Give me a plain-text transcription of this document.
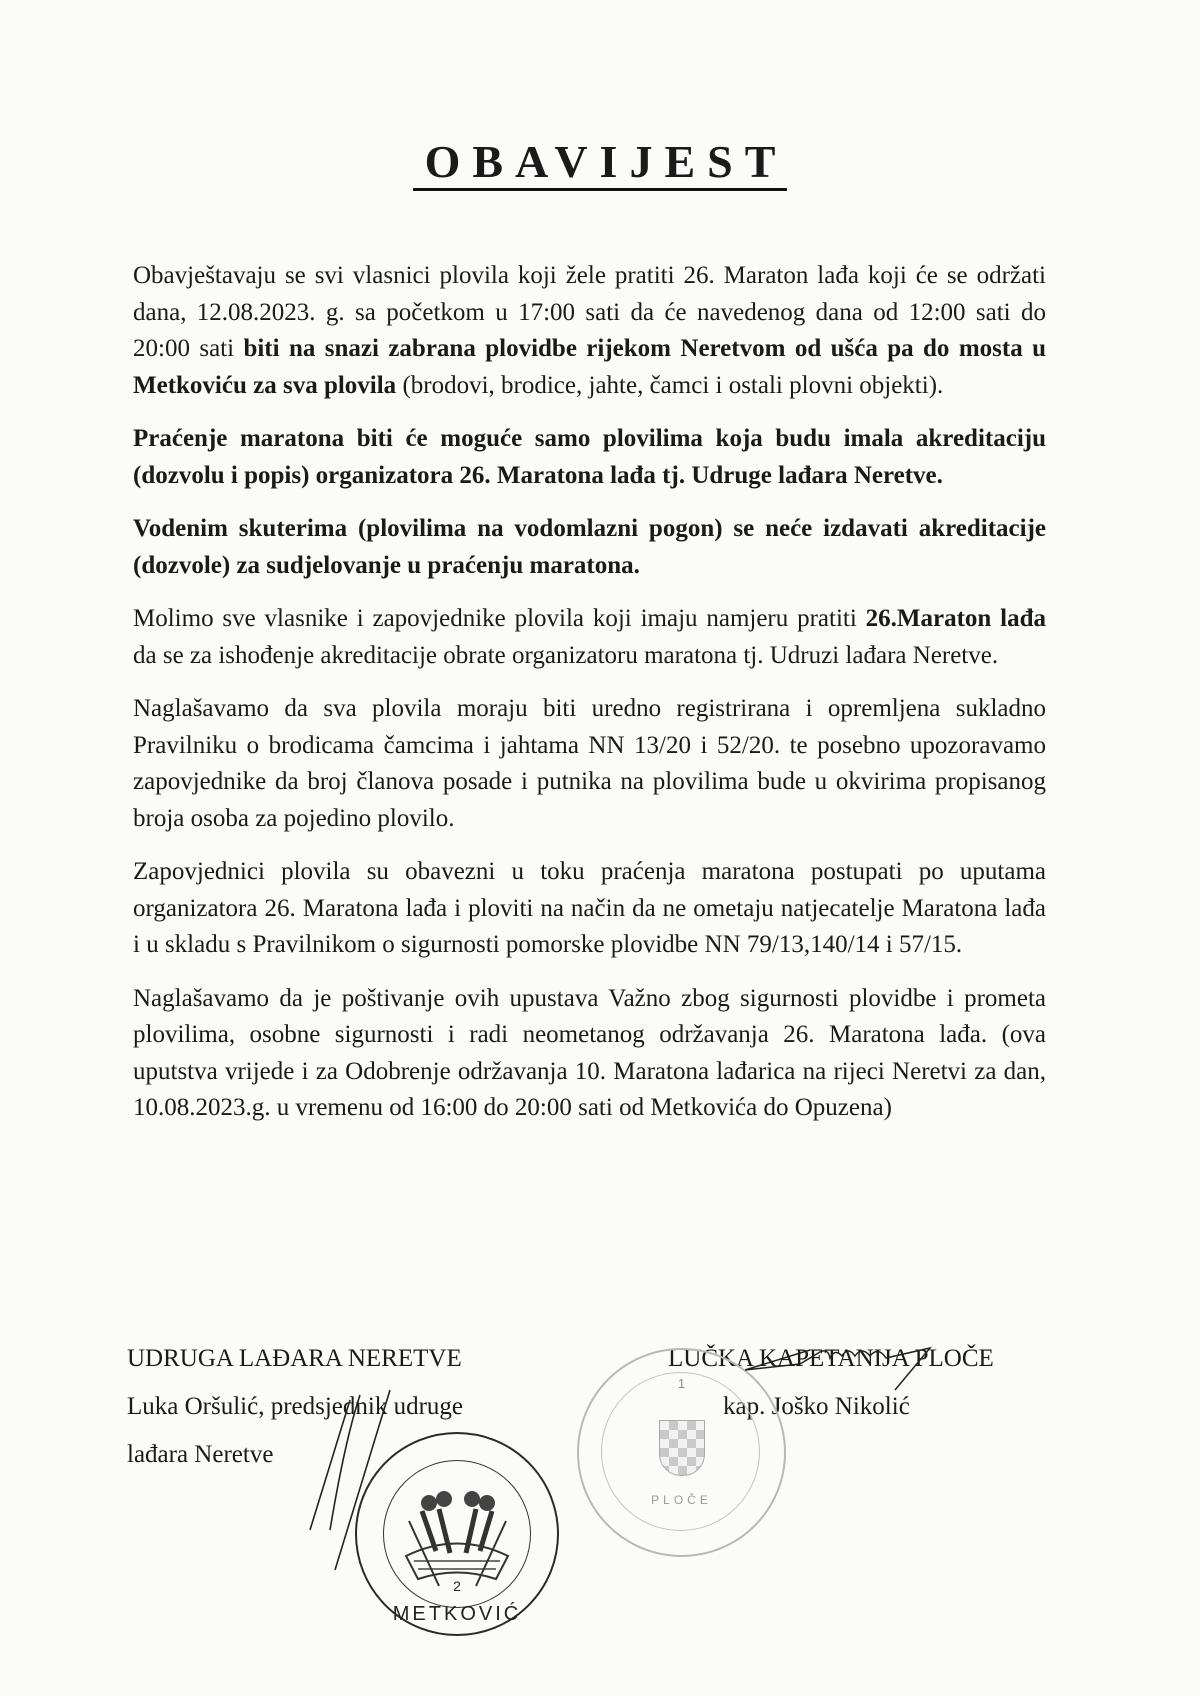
OBAVIJEST

Obavještavaju se svi vlasnici plovila koji žele pratiti 26. Maraton lađa koji će se održati dana, 12.08.2023. g. sa početkom u 17:00 sati da će navedenog dana od 12:00 sati do 20:00 sati biti na snazi zabrana plovidbe rijekom Neretvom od ušća pa do mosta u Metkoviću za sva plovila (brodovi, brodice, jahte, čamci i ostali plovni objekti).

Praćenje maratona biti će moguće samo plovilima koja budu imala akreditaciju (dozvolu i popis) organizatora 26. Maratona lađa tj. Udruge lađara Neretve.

Vodenim skuterima (plovilima na vodomlazni pogon) se neće izdavati akreditacije (dozvole) za sudjelovanje u praćenju maratona.

Molimo sve vlasnike i zapovjednike plovila koji imaju namjeru pratiti 26.Maraton lađa da se za ishođenje akreditacije obrate organizatoru maratona tj. Udruzi lađara Neretve.

Naglašavamo da sva plovila moraju biti uredno registrirana i opremljena sukladno Pravilniku o brodicama čamcima i jahtama NN 13/20 i 52/20. te posebno upozoravamo zapovjednike da broj članova posade i putnika na plovilima bude u okvirima propisanog broja osoba za pojedino plovilo.

Zapovjednici plovila su obavezni u toku praćenja maratona postupati po uputama organizatora 26. Maratona lađa i ploviti na način da ne ometaju natjecatelje Maratona lađa i u skladu s Pravilnikom o sigurnosti pomorske plovidbe NN 79/13,140/14 i 57/15.

Naglašavamo da je poštivanje ovih upustava Važno zbog sigurnosti plovidbe i prometa plovilima, osobne sigurnosti i radi neometanog održavanja 26. Maratona lađa. (ova uputstva vrijede i za Odobrenje održavanja 10. Maratona lađarica na rijeci Neretvi za dan, 10.08.2023.g. u vremenu od 16:00 do 20:00 sati od Metkovića do Opuzena)

UDRUGA LAĐARA NERETVE
Luka Oršulić, predsjednik udruge
lađara Neretve
LUČKA KAPETANIJA PLOČE
kap. Joško Nikolić
2
METKOVIĆ
1
PLOČE
